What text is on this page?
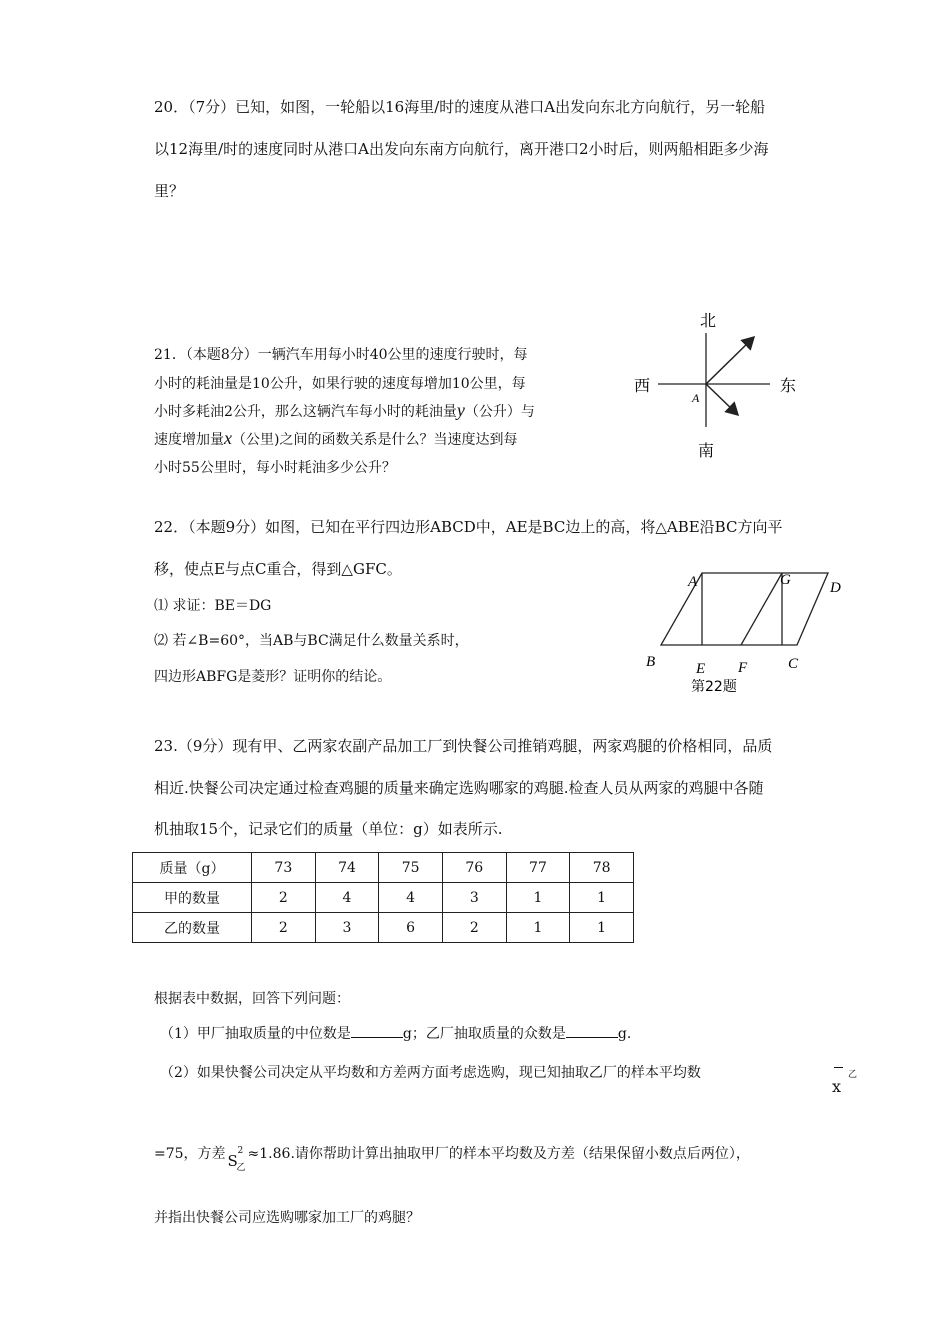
20．（7分）已知，如图，一轮船以16海里/时的速度从港口A出发向东北方向航行，另一轮船
以12海里/时的速度同时从港口A出发向东南方向航行，离开港口2小时后，则两船相距多少海
里？
北
南
西	东
A
21．（本题8分）一辆汽车用每小时40公里的速度行驶时，每
小时的耗油量是10公升，如果行驶的速度每增加10公里，每
小时多耗油2公升，那么这辆汽车每小时的耗油量y（公升）与
速度增加量x（公里)之间的函数关系是什么？当速度达到每
小时55公里时，每小时耗油多少公升？
22．（本题9分）如图，已知在平行四边形ABCD中，AE是BC边上的高，将△ABE沿BC方向平
移，使点E与点C重合，得到△GFC。
⑴ 求证：BE＝DG
⑵ 若∠B=60°，当AB与BC满足什么数量关系时，
四边形ABFG是菱形？证明你的结论。
A	G	D
B	E F	C
第22题
23.（9分）现有甲、乙两家农副产品加工厂到快餐公司推销鸡腿，两家鸡腿的价格相同，品质
相近.快餐公司决定通过检查鸡腿的质量来确定选购哪家的鸡腿.检查人员从两家的鸡腿中各随
机抽取15个，记录它们的质量（单位：g）如表所示.
质量（g）	73	74	75	76	77	78
甲的数量	2	4	4	3	1	1
乙的数量	2	3	6	2	1	1
根据表中数据，回答下列问题：
（1）甲厂抽取质量的中位数是	g；乙厂抽取质量的众数是	g.
（2）如果快餐公司决定从平均数和方差两方面考虑选购，现已知抽取乙厂的样本平均数
x
乙
=75，方差 S
2
乙
≈1.86.请你帮助计算出抽取甲厂的样本平均数及方差（结果保留小数点后两位），
并指出快餐公司应选购哪家加工厂的鸡腿？
